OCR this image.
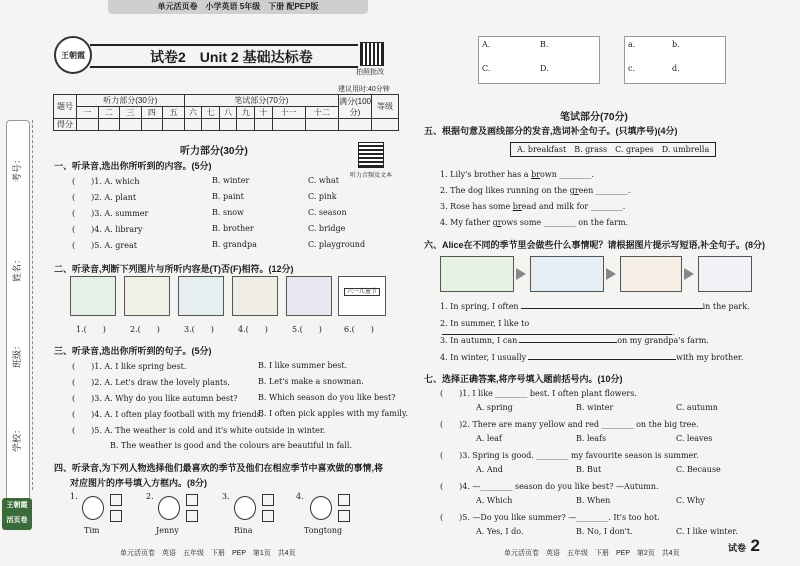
单元活页卷　 小学英语 5年级　 下册 配PEP版
考号：
姓名：
班级：
学校：
王朝霞
活页卷
王朝霞	试卷2　Unit 2 基础达标卷
拍照批改
建议用时:40分钟
题号	听力部分(30分)					笔试部分(70分)							满分(100分)	等级
	一	二	三	四	五	六	七	八	九	十	十一	十二		
得分														
听力部分(30分)
听力音频及文本
一、听录音,选出你所听到的内容。(5分)
(　　)1. A. which	B. winter	C. what
(　　)2. A. plant	B. paint	C. pink
(　　)3. A. summer	B. snow	C. season
(　　)4. A. library	B. brother	C. bridge
(　　)5. A. great	B. grandpa	C. playground
二、听录音,判断下列图片与所听内容是(T)否(F)相符。(12分)
六一儿童节
1.(　　)	2.(　　)	3.(　　)	4.(　　)	5.(　　)	6.(　　)
三、听录音,选出你所听到的句子。(5分)
(　　)1. A. I like spring best.	B. I like summer best.
(　　)2. A. Let's draw the lovely plants.	B. Let's make a snowman.
(　　)3. A. Why do you like autumn best?	B. Which season do you like best?
(　　)4. A. I often play football with my friends.
B. I often pick apples with my family.
(　　)5. A. The weather is cold and it's white outside in winter.
B. The weather is good and the colours are beautiful in fall.
四、听录音,为下列人物选择他们最喜欢的季节及他们在相应季节中喜欢做的事情,将
对应图片的序号填入方框内。(8分)
1.
Tim
2.
Jenny
3.
Rina
4.
Tongtong
单元活页卷　英语　五年级　下册　PEP　第1页　共4页
A.	B.
C.	D.
a.	b.
c.	d.
笔试部分(70分)
五、根据句意及画线部分的发音,选词补全句子。(只填序号)(4分)
A. breakfast　B. grass　C. grapes　D. umbrella
1. Lily's brother has a brown ________.
2. The dog likes running on the green ________.
3. Rose has some bread and milk for ________.
4. My father grows some ________ on the farm.
六、Alice在不同的季节里会做些什么事情呢？请根据图片提示写短语,补全句子。(8分)
1. In spring, I often	in the park.
2. In summer, I like to.
3. In autumn, I can	on my grandpa's farm.
4. In winter, I usually	with my brother.
七、选择正确答案,将序号填入题前括号内。(10分)
(　　)1. I like ________ best. I often plant flowers.
A. spring	B. winter	C. autumn
(　　)2. There are many yellow and red ________ on the big tree.
A. leaf	B. leafs	C. leaves
(　　)3. Spring is good. ________ my favourite season is summer.
A. And	B. But	C. Because
(　　)4. —________ season do you like best? —Autumn.
A. Which	B. When	C. Why
(　　)5. —Do you like summer? —________. It's too hot.
A. Yes, I do.	B. No, I don't.	C. I like winter.
单元活页卷　英语　五年级　下册　PEP　第2页　共4页
试卷 2
